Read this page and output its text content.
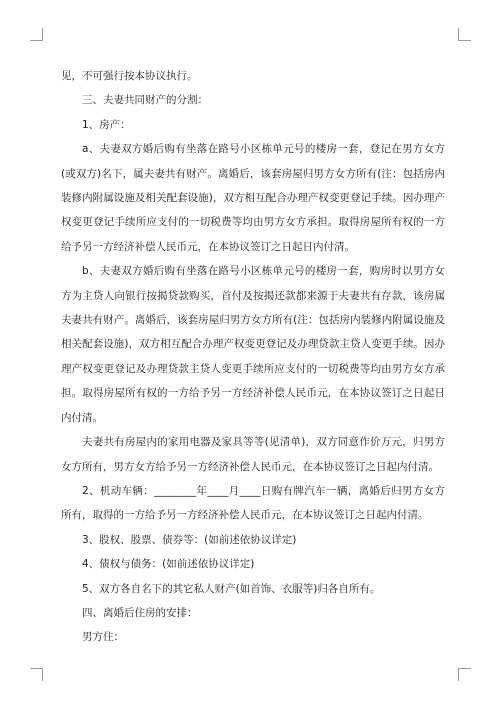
见，不可强行按本协议执行。

三、夫妻共同财产的分割：

1、房产：

a、夫妻双方婚后购有坐落在路号小区栋单元号的楼房一套，登记在男方女方(或双方)名下，属夫妻共有财产。离婚后，该套房屋归男方女方所有(注：包括房内装修内附属设施及相关配套设施)，双方相互配合办理产权变更登记手续。因办理产权变更登记手续所应支付的一切税费等均由男方女方承担。取得房屋所有权的一方给予另一方经济补偿人民币元，在本协议签订之日起日内付清。

b、夫妻双方婚后购有坐落在路号小区栋单元号的楼房一套，购房时以男方女方为主贷人向银行按揭贷款购买，首付及按揭还款都来源于夫妻共有存款，该房属夫妻共有财产。离婚后，该套房屋归男方女方所有(注：包括房内装修内附属设施及相关配套设施)，双方相互配合办理产权变更登记及办理贷款主贷人变更手续。因办理产权变更登记及办理贷款主贷人变更手续所应支付的一切税费等均由男方女方承担。取得房屋所有权的一方给予另一方经济补偿人民币元，在本协议签订之日起日内付清。

夫妻共有房屋内的家用电器及家具等等(见清单)，双方同意作价万元，归男方女方所有，男方女方给予另一方经济补偿人民币元，在本协议签订之日起内付清。

2、机动车辆：________年____月____日购有牌汽车一辆，离婚后归男方女方所有，取得的一方给予另一方经济补偿人民币元，在本协议签订之日起内付清。

3、股权、股票、债券等：(如前述依协议详定)

4、债权与债务：(如前述依协议详定)

5、双方各自名下的其它私人财产(如首饰、衣服等)归各自所有。

四、离婚后住房的安排：

男方住：
